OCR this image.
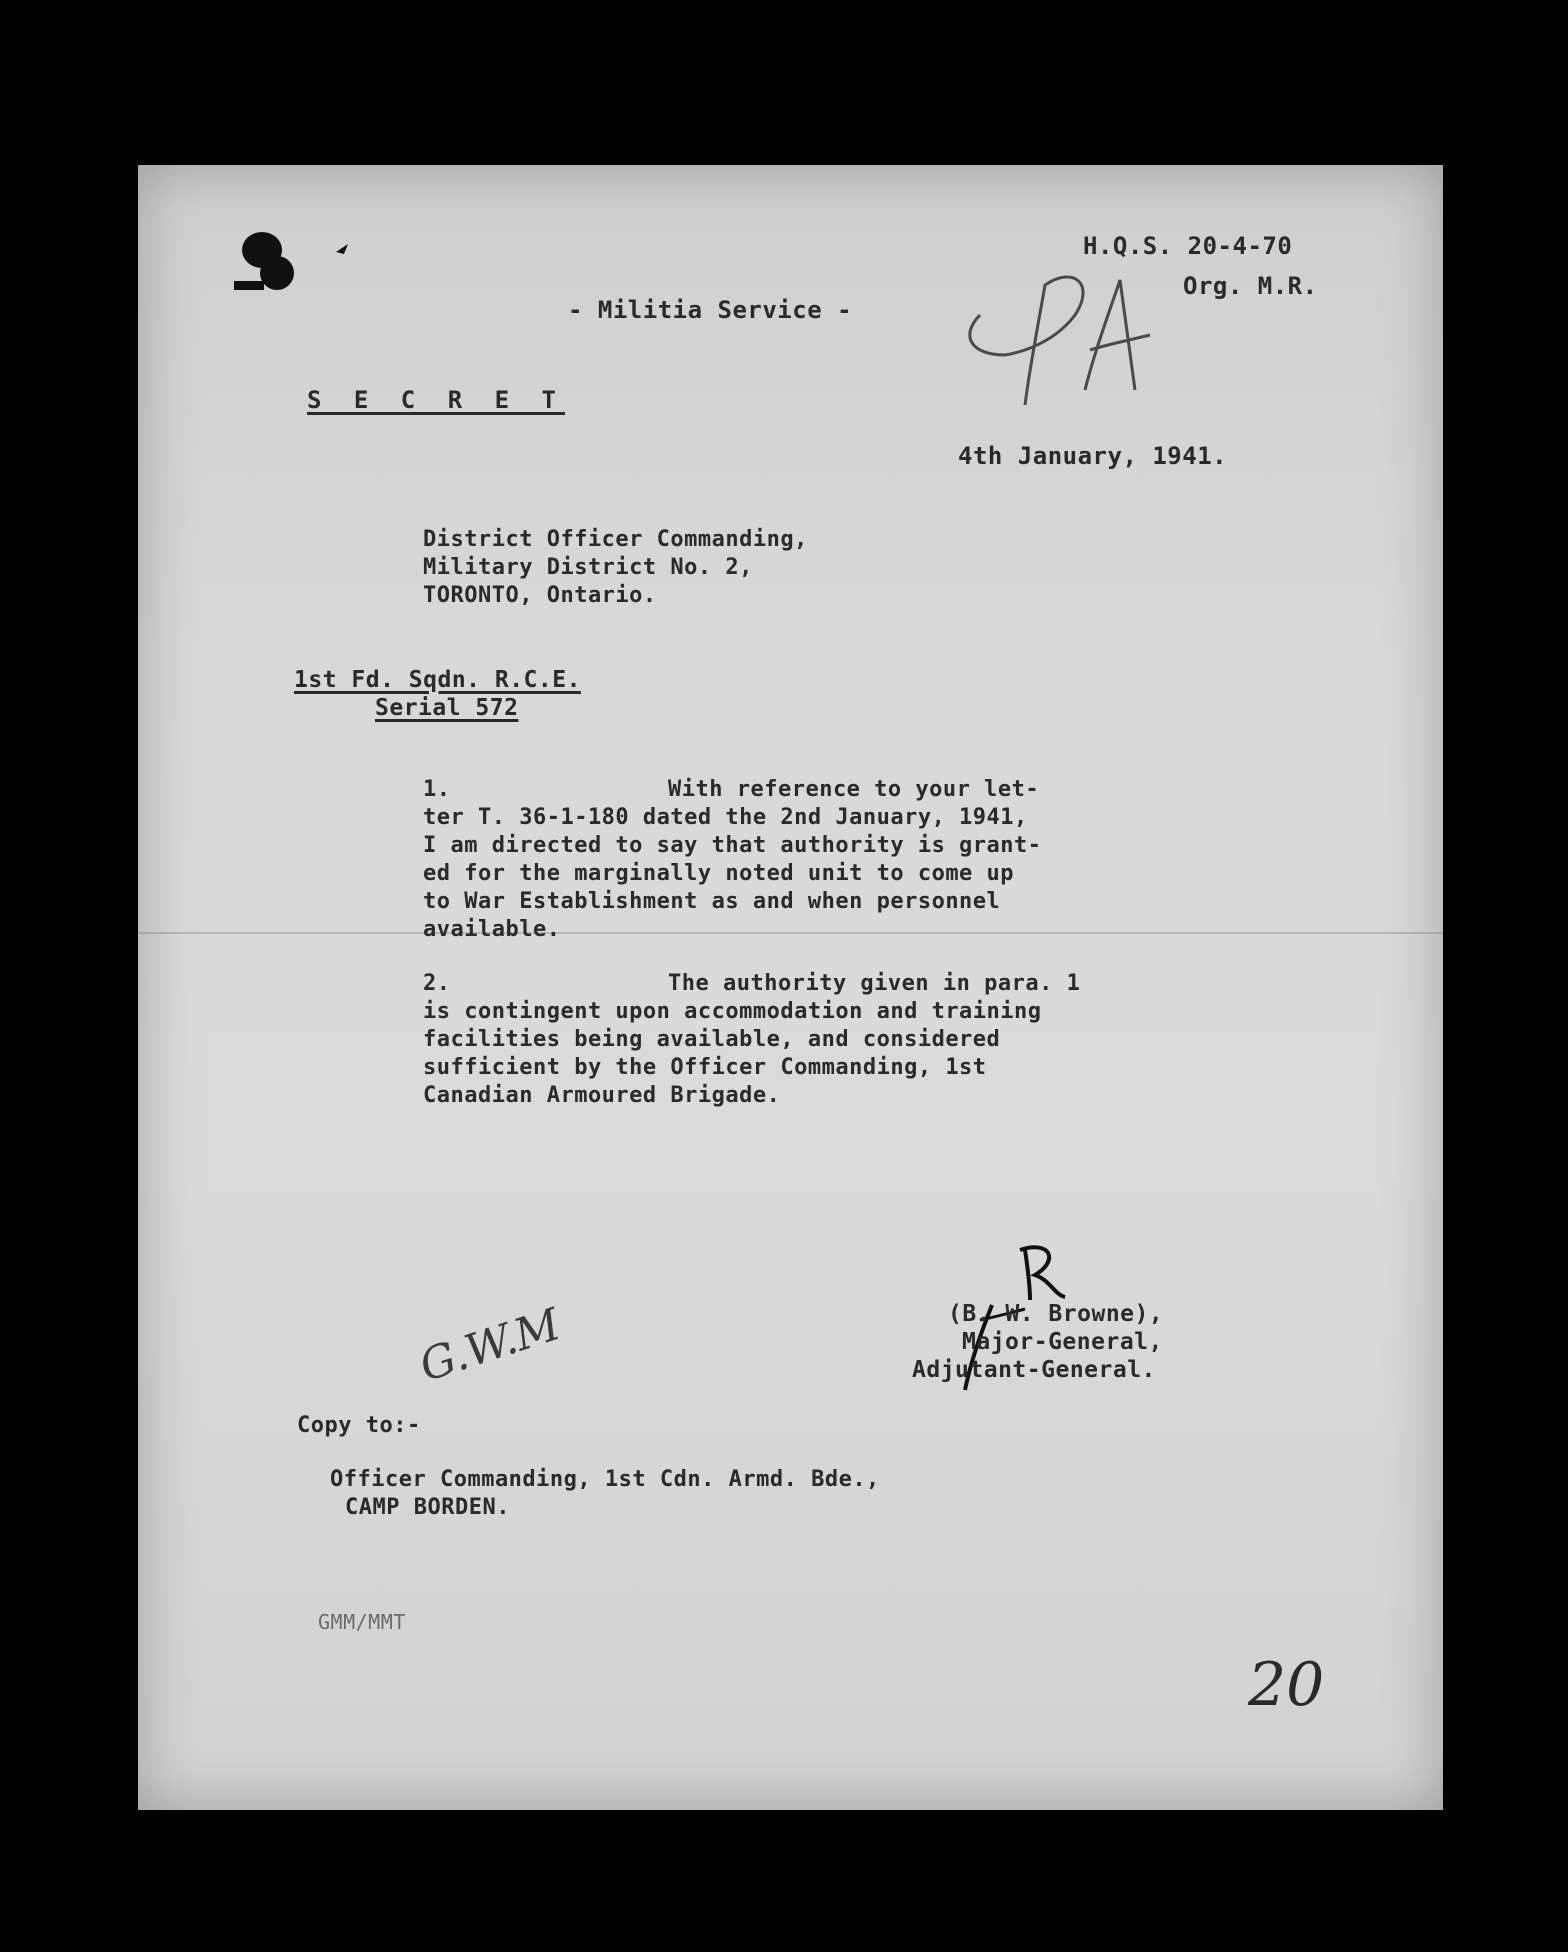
H.Q.S. 20-4-70
Org. M.R.
- Militia Service -
S E C R E T
4th January, 1941.
District Officer Commanding,
Military District No. 2,
TORONTO, Ontario.
1st Fd. Sqdn. R.C.E.
Serial 572
1.	With reference to your let-
ter T. 36-1-180 dated the 2nd January, 1941,
I am directed to say that authority is grant-
ed for the marginally noted unit to come up
to War Establishment as and when personnel
available.
2.	The authority given in para. 1
is contingent upon accommodation and training
facilities being available, and considered
sufficient by the Officer Commanding, 1st
Canadian Armoured Brigade.
(B. W. Browne),
Major-General,
Adjutant-General.
G.W.M
Copy to:-
Officer Commanding, 1st Cdn. Armd. Bde.,
CAMP BORDEN.
GMM/MMT
20
